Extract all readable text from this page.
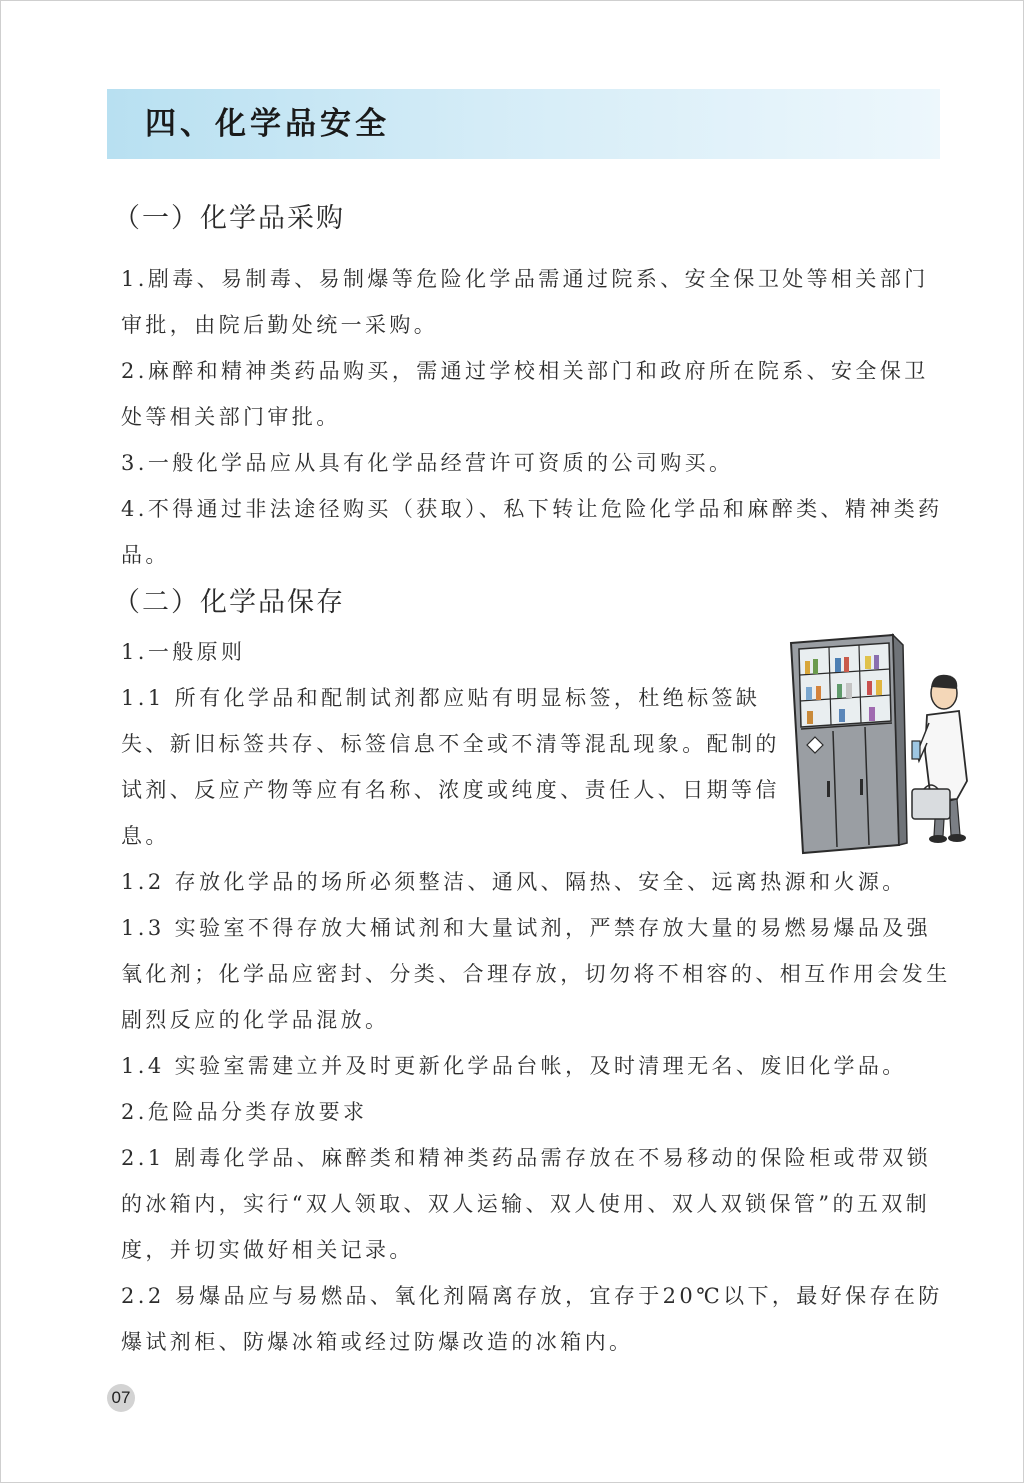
四、化学品安全
（一）化学品采购

1.剧毒、易制毒、易制爆等危险化学品需通过院系、安全保卫处等相关部门审批，由院后勤处统一采购。

2.麻醉和精神类药品购买，需通过学校相关部门和政府所在院系、安全保卫处等相关部门审批。

3.一般化学品应从具有化学品经营许可资质的公司购买。

4.不得通过非法途径购买（获取）、私下转让危险化学品和麻醉类、精神类药品。

（二）化学品保存

1.一般原则

1.1 所有化学品和配制试剂都应贴有明显标签，杜绝标签缺失、新旧标签共存、标签信息不全或不清等混乱现象。配制的试剂、反应产物等应有名称、浓度或纯度、责任人、日期等信息。

1.2 存放化学品的场所必须整洁、通风、隔热、安全、远离热源和火源。

1.3 实验室不得存放大桶试剂和大量试剂，严禁存放大量的易燃易爆品及强氧化剂；化学品应密封、分类、合理存放，切勿将不相容的、相互作用会发生剧烈反应的化学品混放。

1.4 实验室需建立并及时更新化学品台帐，及时清理无名、废旧化学品。

2.危险品分类存放要求

2.1 剧毒化学品、麻醉类和精神类药品需存放在不易移动的保险柜或带双锁的冰箱内，实行“双人领取、双人运输、双人使用、双人双锁保管”的五双制度，并切实做好相关记录。

2.2 易爆品应与易燃品、氧化剂隔离存放，宜存于20℃以下，最好保存在防爆试剂柜、防爆冰箱或经过防爆改造的冰箱内。

07
